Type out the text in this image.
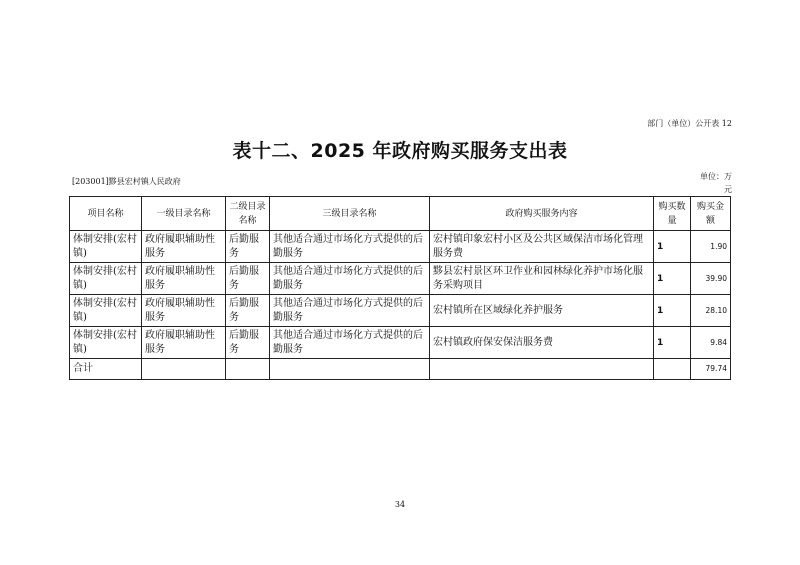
部门（单位）公开表 12
表十二、2025 年政府购买服务支出表
单位：万
元
[203001]黟县宏村镇人民政府
项目名称	一级目录名称	二级目录名称	三级目录名称	政府购买服务内容	购买数量	购买金额
体制安排(宏村镇)	政府履职辅助性服务	后勤服务	其他适合通过市场化方式提供的后勤服务	宏村镇印象宏村小区及公共区域保洁市场化管理服务费	1	1.90
体制安排(宏村镇)	政府履职辅助性服务	后勤服务	其他适合通过市场化方式提供的后勤服务	黟县宏村景区环卫作业和园林绿化养护市场化服务采购项目	1	39.90
体制安排(宏村镇)	政府履职辅助性服务	后勤服务	其他适合通过市场化方式提供的后勤服务	宏村镇所在区域绿化养护服务	1	28.10
体制安排(宏村镇)	政府履职辅助性服务	后勤服务	其他适合通过市场化方式提供的后勤服务	宏村镇政府保安保洁服务费	1	9.84
合计						79.74
34
